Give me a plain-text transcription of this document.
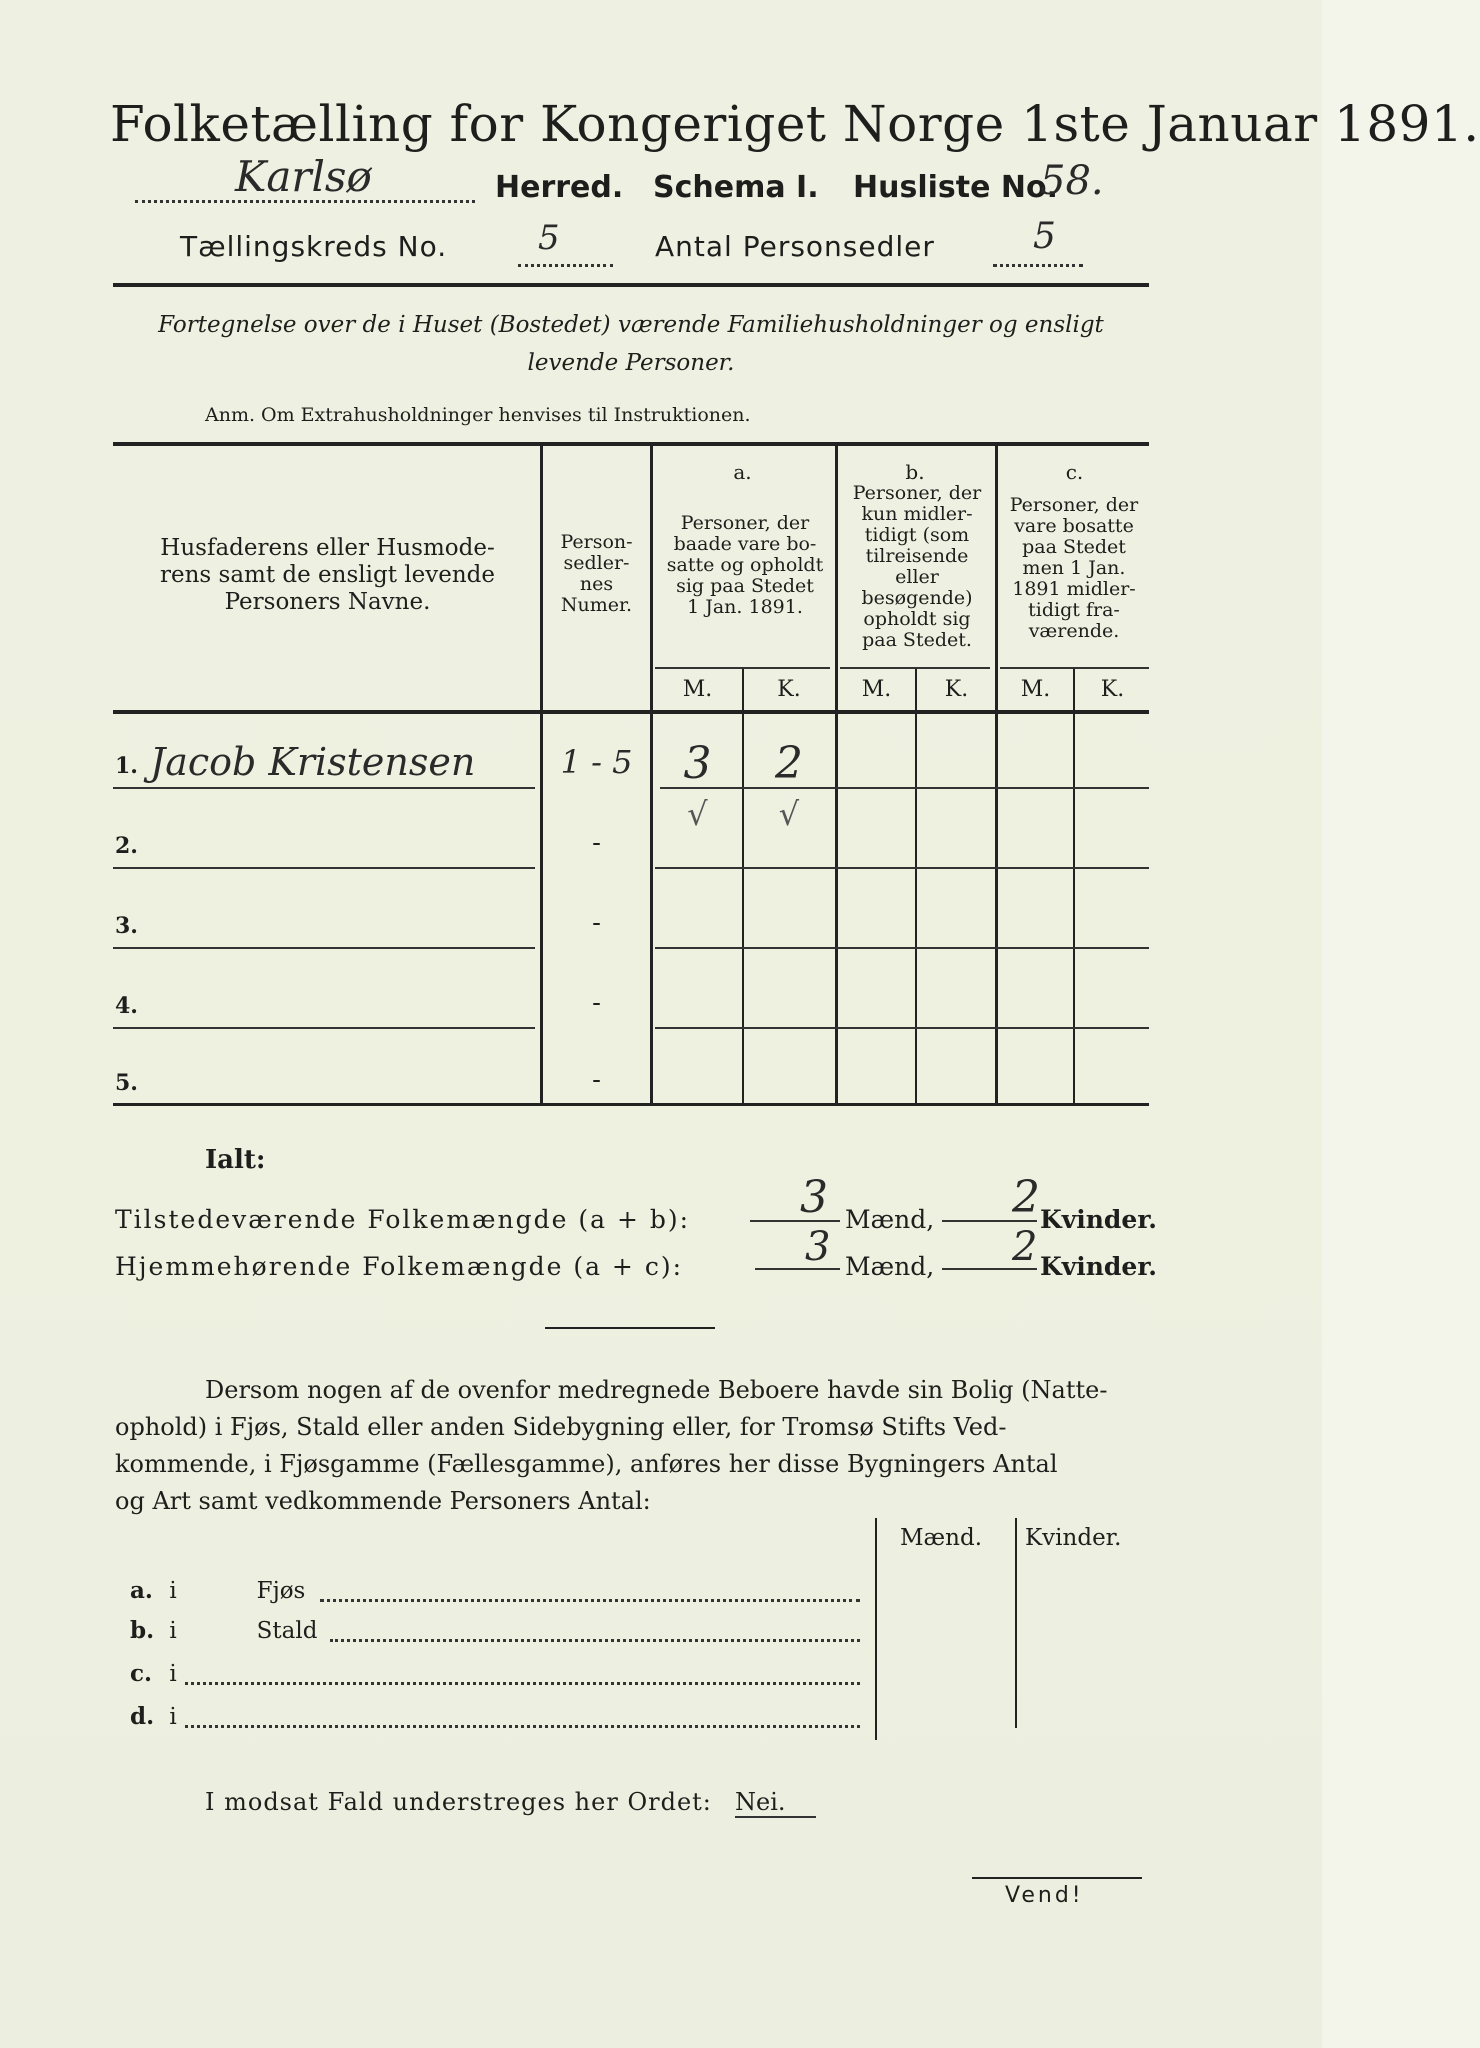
Folketælling for Kongeriget Norge 1ste Januar 1891.
Karlsø	Herred. Schema I. Husliste No.
58.
Tællingskreds No.	5	Antal Personsedler	5
Fortegnelse over de i Huset (Bostedet) værende Familiehusholdninger og ensligt
levende Personer.
Anm. Om Extrahusholdninger henvises til Instruktionen.
Husfaderens eller Husmode-
rens samt de ensligt levende
Personers Navne.
Person-
sedler-
nes
Numer.
a.
Personer, der
baade vare bo-
satte og opholdt
sig paa Stedet
1 Jan. 1891.
b.
Personer, der
kun midler-
tidigt (som
tilreisende
eller
besøgende)
opholdt sig
paa Stedet.
c.
Personer, der
vare bosatte
paa Stedet
men 1 Jan.
1891 midler-
tidigt fra-
værende.
M.	K.	M.	K.	M.	K.
1. Jacob Kristensen	1 - 5	3	2
2.	-
√	√
3.	-
4.	-
5.	-
Ialt:
Tilstedeværende Folkemængde (a + b): 3 Mænd, 2 Kvinder.
Hjemmehørende Folkemængde (a + c):	3 Mænd, 2 Kvinder.
Dersom nogen af de ovenfor medregnede Beboere havde sin Bolig (Natte-
ophold) i Fjøs, Stald eller anden Sidebygning eller, for Tromsø Stifts Ved-
kommende, i Fjøsgamme (Fællesgamme), anføres her disse Bygningers Antal
og Art samt vedkommende Personers Antal:
Mænd. Kvinder.
a. i	Fjøs
b. i	Stald
c. i
d. i
I modsat Fald understreges her Ordet: Nei.
Vend!
